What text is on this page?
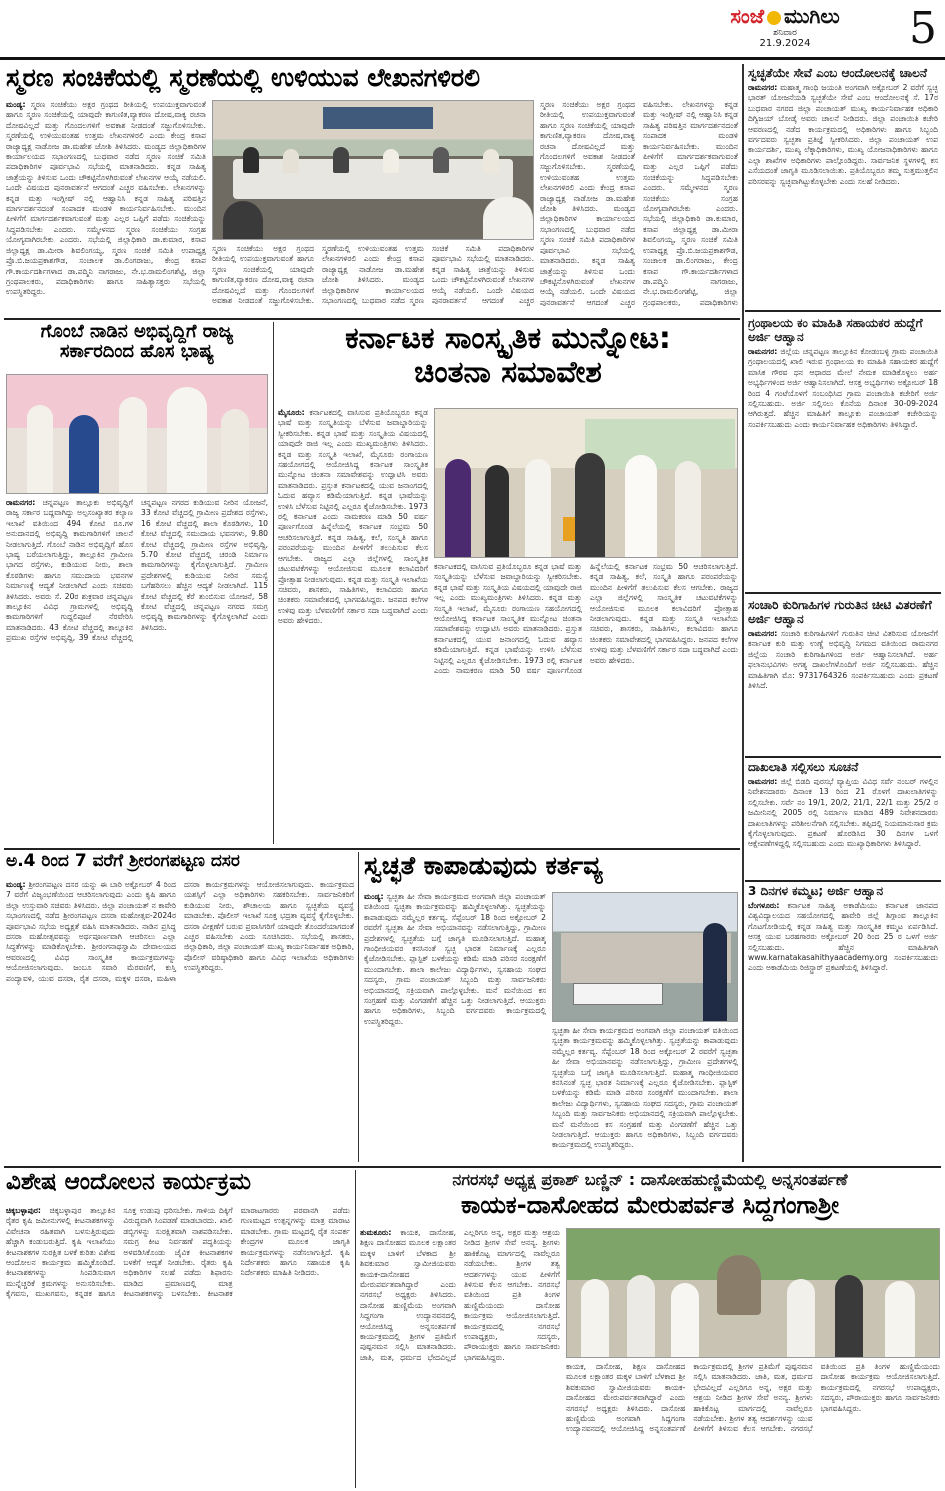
ಸಂಜೆ ಮುಗಿಲು
ಶನಿವಾರ
21.9.2024	5
ಸ್ಮರಣ ಸಂಚಿಕೆಯಲ್ಲಿ ಸ್ಮರಣೆಯಲ್ಲಿ ಉಳಿಯುವ ಲೇಖನಗಳಿರಲಿ
ಮಂಡ್ಯ: ಸ್ಮರಣ ಸಂಚಿಕೆಯು ಅಕ್ಷರ ಗ್ರಂಥದ ರೀತಿಯಲ್ಲಿ ಉಪಯುಕ್ತವಾಗುವಂತೆ ಹಾಗೂ ಸ್ಮರಣ ಸಂಚಿಕೆಯಲ್ಲಿ ಯಾವುದೇ ಕಾಗುಣಿತ,ವ್ಯಾಕರಣ ದೋಷ,ವಾಕ್ಯ ರಚನಾ ದೋಷವಿಲ್ಲದೆ ಮತ್ತು ಗೊಂದಲಗಳಿಗೆ ಅವಕಾಶ ನೀಡದಂತೆ ಸಜ್ಜುಗೊಳಿಸಬೇಕು. ಸ್ಮರಣೆಯಲ್ಲಿ ಉಳಿಯುವಂತಹ ಉತ್ತಮ ಲೇಖನಗಳಿರಲಿ ಎಂದು ಕೇಂದ್ರ ಕಸಾಪ ರಾಜ್ಯಾಧ್ಯಕ್ಷ ನಾಡೋಜ ಡಾ.ಮಹೇಶ ಜೋಶಿ ತಿಳಿಸಿದರು. ಮಂಡ್ಯದ ಜಿಲ್ಲಾಧಿಕಾರಿಗಳ ಕಾರ್ಯಾಲಯದ ಸಭಾಂಗಣದಲ್ಲಿ ಬುಧವಾರ ನಡೆದ ಸ್ಮರಣ ಸಂಚಿಕೆ ಸಮಿತಿ ಪದಾಧಿಕಾರಿಗಳ ಪೂರ್ವಭಾವಿ ಸಭೆಯಲ್ಲಿ ಮಾತನಾಡಿದರು. ಕನ್ನಡ ಸಾಹಿತ್ಯ ಜಾತ್ರೆಯನ್ನು ತಿಳಿಸುವ ಒಂದು ಚೌಕಟ್ಟಿನೊಳಗಿರುವಂತೆ ಲೇಖನಗಳ ಆಯ್ಕೆ ನಡೆಯಲಿ. ಒಂದೇ ವಿಷಯದ ಪುನರಾವರ್ತನೆ ಆಗದಂತೆ ಎಚ್ಚರ ವಹಿಸಬೇಕು. ಲೇಖನಗಳನ್ನು ಕನ್ನಡ ಮತ್ತು ಇಂಗ್ಲೀಷ್ ನಲ್ಲಿ ಆಹ್ವಾನಿಸಿ ಕನ್ನಡ ಸಾಹಿತ್ಯ ಪರಿಷತ್ತಿನ ಮಾರ್ಗದರ್ಶನದಂತೆ ಸಂಪಾದಕ ಮಂಡಳಿ ಕಾರ್ಯನಿರ್ವಹಿಸಬೇಕು. ಮುಂದಿನ ಪೀಳಿಗೆಗೆ ಮಾರ್ಗದರ್ಶಕವಾಗುವಂತೆ ಮತ್ತು ಎಲ್ಲರ ಒಪ್ಪಿಗೆ ಪಡೆದು ಸಂಚಿಕೆಯನ್ನು ಸಿದ್ಧಪಡಿಸಬೇಕು ಎಂದರು. ಸಮ್ಮೇಳನದ ಸ್ಮರಣ ಸಂಚಿಕೆಯು ಸಂಗ್ರಹ ಯೋಗ್ಯವಾಗಿರಬೇಕು ಎಂದರು. ಸಭೆಯಲ್ಲಿ ಜಿಲ್ಲಾಧಿಕಾರಿ ಡಾ.ಕುಮಾರ, ಕಸಾಪ ಜಿಲ್ಲಾಧ್ಯಕ್ಷ ಡಾ.ಮೀರಾ ಶಿವಲಿಂಗಯ್ಯ, ಸ್ಮರಣ ಸಂಚಿಕೆ ಸಮಿತಿ ಉಪಾಧ್ಯಕ್ಷ ಪ್ರೊ.ಬಿ.ಜಯಪ್ರಕಾಶಗೌಡ, ಸಂಚಾಲಕ ಡಾ.ಲಿಂಗರಾಜು, ಕೇಂದ್ರ ಕಸಾಪ ಗೌ.ಕಾರ್ಯದರ್ಶಿಗಳಾದ ಡಾ.ಪದ್ಮಿನಿ ನಾಗರಾಜು, ನೇ.ಭ.ರಾಮಲಿಂಗಶೆಟ್ಟಿ, ಜಿಲ್ಲಾ ಗ್ರಂಥಪಾಲಕರು, ಪದಾಧಿಕಾರಿಗಳು ಹಾಗೂ ಸಾಹಿತ್ಯಾಸಕ್ತರು ಸಭೆಯಲ್ಲಿ ಉಪಸ್ಥಿತರಿದ್ದರು.
ಸ್ಮರಣ ಸಂಚಿಕೆಯು ಅಕ್ಷರ ಗ್ರಂಥದ ರೀತಿಯಲ್ಲಿ ಉಪಯುಕ್ತವಾಗುವಂತೆ ಹಾಗೂ ಸ್ಮರಣ ಸಂಚಿಕೆಯಲ್ಲಿ ಯಾವುದೇ ಕಾಗುಣಿತ,ವ್ಯಾಕರಣ ದೋಷ,ವಾಕ್ಯ ರಚನಾ ದೋಷವಿಲ್ಲದೆ ಮತ್ತು ಗೊಂದಲಗಳಿಗೆ ಅವಕಾಶ ನೀಡದಂತೆ ಸಜ್ಜುಗೊಳಿಸಬೇಕು. ಸ್ಮರಣೆಯಲ್ಲಿ ಉಳಿಯುವಂತಹ ಉತ್ತಮ ಲೇಖನಗಳಿರಲಿ ಎಂದು ಕೇಂದ್ರ ಕಸಾಪ ರಾಜ್ಯಾಧ್ಯಕ್ಷ ನಾಡೋಜ ಡಾ.ಮಹೇಶ ಜೋಶಿ ತಿಳಿಸಿದರು. ಮಂಡ್ಯದ ಜಿಲ್ಲಾಧಿಕಾರಿಗಳ ಕಾರ್ಯಾಲಯದ ಸಭಾಂಗಣದಲ್ಲಿ ಬುಧವಾರ ನಡೆದ ಸ್ಮರಣ ಸಂಚಿಕೆ ಸಮಿತಿ ಪದಾಧಿಕಾರಿಗಳ ಪೂರ್ವಭಾವಿ ಸಭೆಯಲ್ಲಿ ಮಾತನಾಡಿದರು. ಕನ್ನಡ ಸಾಹಿತ್ಯ ಜಾತ್ರೆಯನ್ನು ತಿಳಿಸುವ ಒಂದು ಚೌಕಟ್ಟಿನೊಳಗಿರುವಂತೆ ಲೇಖನಗಳ ಆಯ್ಕೆ ನಡೆಯಲಿ. ಒಂದೇ ವಿಷಯದ ಪುನರಾವರ್ತನೆ ಆಗದಂತೆ ಎಚ್ಚರ
ಸ್ಮರಣ ಸಂಚಿಕೆಯು ಅಕ್ಷರ ಗ್ರಂಥದ ರೀತಿಯಲ್ಲಿ ಉಪಯುಕ್ತವಾಗುವಂತೆ ಹಾಗೂ ಸ್ಮರಣ ಸಂಚಿಕೆಯಲ್ಲಿ ಯಾವುದೇ ಕಾಗುಣಿತ,ವ್ಯಾಕರಣ ದೋಷ,ವಾಕ್ಯ ರಚನಾ ದೋಷವಿಲ್ಲದೆ ಮತ್ತು ಗೊಂದಲಗಳಿಗೆ ಅವಕಾಶ ನೀಡದಂತೆ ಸಜ್ಜುಗೊಳಿಸಬೇಕು. ಸ್ಮರಣೆಯಲ್ಲಿ ಉಳಿಯುವಂತಹ ಉತ್ತಮ ಲೇಖನಗಳಿರಲಿ ಎಂದು ಕೇಂದ್ರ ಕಸಾಪ ರಾಜ್ಯಾಧ್ಯಕ್ಷ ನಾಡೋಜ ಡಾ.ಮಹೇಶ ಜೋಶಿ ತಿಳಿಸಿದರು. ಮಂಡ್ಯದ ಜಿಲ್ಲಾಧಿಕಾರಿಗಳ ಕಾರ್ಯಾಲಯದ ಸಭಾಂಗಣದಲ್ಲಿ ಬುಧವಾರ ನಡೆದ ಸ್ಮರಣ ಸಂಚಿಕೆ ಸಮಿತಿ ಪದಾಧಿಕಾರಿಗಳ ಪೂರ್ವಭಾವಿ ಸಭೆಯಲ್ಲಿ ಮಾತನಾಡಿದರು. ಕನ್ನಡ ಸಾಹಿತ್ಯ ಜಾತ್ರೆಯನ್ನು ತಿಳಿಸುವ ಒಂದು ಚೌಕಟ್ಟಿನೊಳಗಿರುವಂತೆ ಲೇಖನಗಳ ಆಯ್ಕೆ ನಡೆಯಲಿ. ಒಂದೇ ವಿಷಯದ ಪುನರಾವರ್ತನೆ ಆಗದಂತೆ ಎಚ್ಚರ ವಹಿಸಬೇಕು. ಲೇಖನಗಳನ್ನು ಕನ್ನಡ ಮತ್ತು ಇಂಗ್ಲೀಷ್ ನಲ್ಲಿ ಆಹ್ವಾನಿಸಿ ಕನ್ನಡ ಸಾಹಿತ್ಯ ಪರಿಷತ್ತಿನ ಮಾರ್ಗದರ್ಶನದಂತೆ ಸಂಪಾದಕ ಮಂಡಳಿ ಕಾರ್ಯನಿರ್ವಹಿಸಬೇಕು. ಮುಂದಿನ ಪೀಳಿಗೆಗೆ ಮಾರ್ಗದರ್ಶಕವಾಗುವಂತೆ ಮತ್ತು ಎಲ್ಲರ ಒಪ್ಪಿಗೆ ಪಡೆದು ಸಂಚಿಕೆಯನ್ನು ಸಿದ್ಧಪಡಿಸಬೇಕು ಎಂದರು. ಸಮ್ಮೇಳನದ ಸ್ಮರಣ ಸಂಚಿಕೆಯು ಸಂಗ್ರಹ ಯೋಗ್ಯವಾಗಿರಬೇಕು ಎಂದರು. ಸಭೆಯಲ್ಲಿ ಜಿಲ್ಲಾಧಿಕಾರಿ ಡಾ.ಕುಮಾರ, ಕಸಾಪ ಜಿಲ್ಲಾಧ್ಯಕ್ಷ ಡಾ.ಮೀರಾ ಶಿವಲಿಂಗಯ್ಯ, ಸ್ಮರಣ ಸಂಚಿಕೆ ಸಮಿತಿ ಉಪಾಧ್ಯಕ್ಷ ಪ್ರೊ.ಬಿ.ಜಯಪ್ರಕಾಶಗೌಡ, ಸಂಚಾಲಕ ಡಾ.ಲಿಂಗರಾಜು, ಕೇಂದ್ರ ಕಸಾಪ ಗೌ.ಕಾರ್ಯದರ್ಶಿಗಳಾದ ಡಾ.ಪದ್ಮಿನಿ ನಾಗರಾಜು, ನೇ.ಭ.ರಾಮಲಿಂಗಶೆಟ್ಟಿ, ಜಿಲ್ಲಾ ಗ್ರಂಥಪಾಲಕರು, ಪದಾಧಿಕಾರಿಗಳು
ಗೊಂಬೆ ನಾಡಿನ ಅಭಿವೃದ್ದಿಗೆ ರಾಜ್ಯ ಸರ್ಕಾರದಿಂದ ಹೊಸ ಭಾಷ್ಯ
ರಾಮನಗರ: ಚನ್ನಪಟ್ಟಣ ತಾಲ್ಲೂಕು ಅಭಿವೃದ್ದಿಗೆ ರಾಜ್ಯ ಸರ್ಕಾರ ಬದ್ದವಾಗಿದ್ದು ಅಲ್ಪಸಂಖ್ಯಾತರ ಕಲ್ಯಾಣ ಇಲಾಖೆ ವತಿಯಿಂದ 494 ಕೋಟಿ ರೂ.ಗಳ ಅನುದಾನದಲ್ಲಿ ಅಭಿವೃದ್ದಿ ಕಾಮಗಾರಿಗಳಿಗೆ ಚಾಲನೆ ನೀಡಲಾಗುತ್ತಿದೆ. ಗೊಂಬೆ ನಾಡಿನ ಅಭಿವೃದ್ದಿಗೆ ಹೊಸ ಭಾಷ್ಯ ಬರೆಯಲಾಗುತ್ತಿದ್ದು, ತಾಲ್ಲೂಕಿನ ಗ್ರಾಮೀಣ ಭಾಗದ ರಸ್ತೆಗಳು, ಕುಡಿಯುವ ನೀರು, ಶಾಲಾ ಕೊಠಡಿಗಳು ಹಾಗೂ ಸಮುದಾಯ ಭವನಗಳ ನಿರ್ಮಾಣಕ್ಕೆ ಆದ್ಯತೆ ನೀಡಲಾಗಿದೆ ಎಂದು ಸಚಿವರು ತಿಳಿಸಿದರು. ಅವರು ಸೆ. 20ರ ಶುಕ್ರವಾರ ಚನ್ನಪಟ್ಟಣ ತಾಲ್ಲೂಕಿನ ವಿವಿಧ ಗ್ರಾಮಗಳಲ್ಲಿ ಅಭಿವೃದ್ದಿ ಕಾಮಗಾರಿಗಳಿಗೆ ಗುದ್ದಲಿಪೂಜೆ ನೆರವೇರಿಸಿ ಮಾತನಾಡಿದರು. 43 ಕೋಟಿ ವೆಚ್ಚದಲ್ಲಿ ತಾಲ್ಲೂಕಿನ ಪ್ರಮುಖ ರಸ್ತೆಗಳ ಅಭಿವೃದ್ದಿ, 39 ಕೋಟಿ ವೆಚ್ಚದಲ್ಲಿ ಚನ್ನಪಟ್ಟಣ ನಗರದ ಕುಡಿಯುವ ನೀರಿನ ಯೋಜನೆ, 33 ಕೋಟಿ ವೆಚ್ಚದಲ್ಲಿ ಗ್ರಾಮೀಣ ಪ್ರದೇಶದ ರಸ್ತೆಗಳು, 16 ಕೋಟಿ ವೆಚ್ಚದಲ್ಲಿ ಶಾಲಾ ಕೊಠಡಿಗಳು, 10 ಕೋಟಿ ವೆಚ್ಚದಲ್ಲಿ ಸಮುದಾಯ ಭವನಗಳು, 9.80 ಕೋಟಿ ವೆಚ್ಚದಲ್ಲಿ ಗ್ರಾಮೀಣ ರಸ್ತೆಗಳ ಅಭಿವೃದ್ದಿ, 5.70 ಕೋಟಿ ವೆಚ್ಚದಲ್ಲಿ ಚರಂಡಿ ನಿರ್ಮಾಣ ಕಾಮಗಾರಿಗಳನ್ನು ಕೈಗೊಳ್ಳಲಾಗುತ್ತಿದೆ. ಗ್ರಾಮೀಣ ಪ್ರದೇಶಗಳಲ್ಲಿ ಕುಡಿಯುವ ನೀರಿನ ಸಮಸ್ಯೆ ಬಗೆಹರಿಸಲು ಹೆಚ್ಚಿನ ಆದ್ಯತೆ ನೀಡಲಾಗಿದೆ. 115 ಕೋಟಿ ವೆಚ್ಚದಲ್ಲಿ ಕೆರೆ ತುಂಬಿಸುವ ಯೋಜನೆ, 58 ಕೋಟಿ ವೆಚ್ಚದಲ್ಲಿ ಚನ್ನಪಟ್ಟಣ ನಗರದ ಸಮಗ್ರ ಅಭಿವೃದ್ದಿ ಕಾಮಗಾರಿಗಳನ್ನು ಕೈಗೊಳ್ಳಲಾಗಿದೆ ಎಂದು ತಿಳಿಸಿದರು.
ಕರ್ನಾಟಕ ಸಾಂಸ್ಕೃತಿಕ ಮುನ್ನೋಟ: ಚಿಂತನಾ ಸಮಾವೇಶ
ಮೈಸೂರು: ಕರ್ನಾಟಕದಲ್ಲಿ ವಾಸಿಸುವ ಪ್ರತಿಯೊಬ್ಬರೂ ಕನ್ನಡ ಭಾಷೆ ಮತ್ತು ಸಂಸ್ಕೃತಿಯನ್ನು ಬೆಳೆಸುವ ಜವಾಬ್ದಾರಿಯನ್ನು ಸ್ವೀಕರಿಸಬೇಕು. ಕನ್ನಡ ಭಾಷೆ ಮತ್ತು ಸಂಸ್ಕೃತಿಯ ವಿಷಯದಲ್ಲಿ ಯಾವುದೇ ರಾಜಿ ಇಲ್ಲ ಎಂದು ಮುಖ್ಯಮಂತ್ರಿಗಳು ತಿಳಿಸಿದರು. ಕನ್ನಡ ಮತ್ತು ಸಂಸ್ಕೃತಿ ಇಲಾಖೆ, ಮೈಸೂರು ರಂಗಾಯಣ ಸಹಯೋಗದಲ್ಲಿ ಆಯೋಜಿಸಿದ್ದ ಕರ್ನಾಟಕ ಸಾಂಸ್ಕೃತಿಕ ಮುನ್ನೋಟ ಚಿಂತನಾ ಸಮಾವೇಶವನ್ನು ಉದ್ಘಾಟಿಸಿ ಅವರು ಮಾತನಾಡಿದರು. ಪ್ರಸ್ತುತ ಕರ್ನಾಟಕದಲ್ಲಿ ಯುವ ಜನಾಂಗದಲ್ಲಿ ಓದುವ ಹವ್ಯಾಸ ಕಡಿಮೆಯಾಗುತ್ತಿದೆ. ಕನ್ನಡ ಭಾಷೆಯನ್ನು ಉಳಿಸಿ ಬೆಳೆಸುವ ನಿಟ್ಟಿನಲ್ಲಿ ಎಲ್ಲರೂ ಕೈಜೋಡಿಸಬೇಕು. 1973 ರಲ್ಲಿ ಕರ್ನಾಟಕ ಎಂದು ನಾಮಕರಣ ಮಾಡಿ 50 ವರ್ಷ ಪೂರ್ಣಗೊಂಡ ಹಿನ್ನೆಲೆಯಲ್ಲಿ ಕರ್ನಾಟಕ ಸಂಭ್ರಮ 50 ಆಚರಿಸಲಾಗುತ್ತಿದೆ. ಕನ್ನಡ ಸಾಹಿತ್ಯ, ಕಲೆ, ಸಂಸ್ಕೃತಿ ಹಾಗೂ ಪರಂಪರೆಯನ್ನು ಮುಂದಿನ ಪೀಳಿಗೆಗೆ ತಲುಪಿಸುವ ಕೆಲಸ ಆಗಬೇಕು. ರಾಜ್ಯದ ಎಲ್ಲಾ ಜಿಲ್ಲೆಗಳಲ್ಲಿ ಸಾಂಸ್ಕೃತಿಕ ಚಟುವಟಿಕೆಗಳನ್ನು ಆಯೋಜಿಸುವ ಮೂಲಕ ಕಲಾವಿದರಿಗೆ ಪ್ರೋತ್ಸಾಹ ನೀಡಲಾಗುವುದು. ಕನ್ನಡ ಮತ್ತು ಸಂಸ್ಕೃತಿ ಇಲಾಖೆಯ ಸಚಿವರು, ಶಾಸಕರು, ಸಾಹಿತಿಗಳು, ಕಲಾವಿದರು ಹಾಗೂ ಚಿಂತಕರು ಸಮಾವೇಶದಲ್ಲಿ ಭಾಗವಹಿಸಿದ್ದರು. ಜನಪದ ಕಲೆಗಳ ಉಳಿವು ಮತ್ತು ಬೆಳವಣಿಗೆಗೆ ಸರ್ಕಾರ ಸದಾ ಬದ್ಧವಾಗಿದೆ ಎಂದು ಅವರು ಹೇಳಿದರು.
ಕರ್ನಾಟಕದಲ್ಲಿ ವಾಸಿಸುವ ಪ್ರತಿಯೊಬ್ಬರೂ ಕನ್ನಡ ಭಾಷೆ ಮತ್ತು ಸಂಸ್ಕೃತಿಯನ್ನು ಬೆಳೆಸುವ ಜವಾಬ್ದಾರಿಯನ್ನು ಸ್ವೀಕರಿಸಬೇಕು. ಕನ್ನಡ ಭಾಷೆ ಮತ್ತು ಸಂಸ್ಕೃತಿಯ ವಿಷಯದಲ್ಲಿ ಯಾವುದೇ ರಾಜಿ ಇಲ್ಲ ಎಂದು ಮುಖ್ಯಮಂತ್ರಿಗಳು ತಿಳಿಸಿದರು. ಕನ್ನಡ ಮತ್ತು ಸಂಸ್ಕೃತಿ ಇಲಾಖೆ, ಮೈಸೂರು ರಂಗಾಯಣ ಸಹಯೋಗದಲ್ಲಿ ಆಯೋಜಿಸಿದ್ದ ಕರ್ನಾಟಕ ಸಾಂಸ್ಕೃತಿಕ ಮುನ್ನೋಟ ಚಿಂತನಾ ಸಮಾವೇಶವನ್ನು ಉದ್ಘಾಟಿಸಿ ಅವರು ಮಾತನಾಡಿದರು. ಪ್ರಸ್ತುತ ಕರ್ನಾಟಕದಲ್ಲಿ ಯುವ ಜನಾಂಗದಲ್ಲಿ ಓದುವ ಹವ್ಯಾಸ ಕಡಿಮೆಯಾಗುತ್ತಿದೆ. ಕನ್ನಡ ಭಾಷೆಯನ್ನು ಉಳಿಸಿ ಬೆಳೆಸುವ ನಿಟ್ಟಿನಲ್ಲಿ ಎಲ್ಲರೂ ಕೈಜೋಡಿಸಬೇಕು. 1973 ರಲ್ಲಿ ಕರ್ನಾಟಕ ಎಂದು ನಾಮಕರಣ ಮಾಡಿ 50 ವರ್ಷ ಪೂರ್ಣಗೊಂಡ ಹಿನ್ನೆಲೆಯಲ್ಲಿ ಕರ್ನಾಟಕ ಸಂಭ್ರಮ 50 ಆಚರಿಸಲಾಗುತ್ತಿದೆ. ಕನ್ನಡ ಸಾಹಿತ್ಯ, ಕಲೆ, ಸಂಸ್ಕೃತಿ ಹಾಗೂ ಪರಂಪರೆಯನ್ನು ಮುಂದಿನ ಪೀಳಿಗೆಗೆ ತಲುಪಿಸುವ ಕೆಲಸ ಆಗಬೇಕು. ರಾಜ್ಯದ ಎಲ್ಲಾ ಜಿಲ್ಲೆಗಳಲ್ಲಿ ಸಾಂಸ್ಕೃತಿಕ ಚಟುವಟಿಕೆಗಳನ್ನು ಆಯೋಜಿಸುವ ಮೂಲಕ ಕಲಾವಿದರಿಗೆ ಪ್ರೋತ್ಸಾಹ ನೀಡಲಾಗುವುದು. ಕನ್ನಡ ಮತ್ತು ಸಂಸ್ಕೃತಿ ಇಲಾಖೆಯ ಸಚಿವರು, ಶಾಸಕರು, ಸಾಹಿತಿಗಳು, ಕಲಾವಿದರು ಹಾಗೂ ಚಿಂತಕರು ಸಮಾವೇಶದಲ್ಲಿ ಭಾಗವಹಿಸಿದ್ದರು. ಜನಪದ ಕಲೆಗಳ ಉಳಿವು ಮತ್ತು ಬೆಳವಣಿಗೆಗೆ ಸರ್ಕಾರ ಸದಾ ಬದ್ಧವಾಗಿದೆ ಎಂದು ಅವರು ಹೇಳಿದರು.
ಅ.4 ರಿಂದ 7 ವರೆಗೆ ಶ್ರೀರಂಗಪಟ್ಟಣ ದಸರ
ಮಂಡ್ಯ: ಶ್ರೀರಂಗಪಟ್ಟಣ ದಸರ ಯನ್ನು ಈ ಬಾರಿ ಅಕ್ಟೋಬರ್ 4 ರಿಂದ 7 ವರೆಗೆ ವಿಜೃಂಭಣೆಯಿಂದ ಆಚರಿಸಲಾಗುವುದು ಎಂದು ಕೃಷಿ ಹಾಗೂ ಜಿಲ್ಲಾ ಉಸ್ತುವಾರಿ ಸಚಿವರು ತಿಳಿಸಿದರು. ಜಿಲ್ಲಾ ಪಂಚಾಯತ್ ನ ಕಾವೇರಿ ಸಭಾಂಗಣದಲ್ಲಿ ನಡೆದ ಶ್ರೀರಂಗಪಟ್ಟಣ ದಸರಾ ಮಹೋತ್ಸವ-2024ರ ಪೂರ್ವಭಾವಿ ಸಭೆಯ ಅಧ್ಯಕ್ಷತೆ ವಹಿಸಿ ಮಾತನಾಡಿದರು. ನಾಡಿನ ಪ್ರಸಿದ್ಧ ದಸರಾ ಮಹೋತ್ಸವವನ್ನು ಅರ್ಥಪೂರ್ಣವಾಗಿ ಆಚರಿಸಲು ಎಲ್ಲಾ ಸಿದ್ಧತೆಗಳನ್ನು ಮಾಡಿಕೊಳ್ಳಬೇಕು. ಶ್ರೀರಂಗನಾಥಸ್ವಾಮಿ ದೇವಾಲಯದ ಆವರಣದಲ್ಲಿ ವಿವಿಧ ಸಾಂಸ್ಕೃತಿಕ ಕಾರ್ಯಕ್ರಮಗಳನ್ನು ಆಯೋಜಿಸಲಾಗುವುದು. ಜಂಬೂ ಸವಾರಿ ಮೆರವಣಿಗೆ, ಕುಸ್ತಿ ಪಂದ್ಯಾವಳಿ, ಯುವ ದಸರಾ, ರೈತ ದಸರಾ, ಮಕ್ಕಳ ದಸರಾ, ಮಹಿಳಾ ದಸರಾ ಕಾರ್ಯಕ್ರಮಗಳನ್ನು ಆಯೋಜಿಸಲಾಗುವುದು. ಕಾರ್ಯಕ್ರಮದ ಯಶಸ್ಸಿಗೆ ಎಲ್ಲಾ ಅಧಿಕಾರಿಗಳು ಸಹಕರಿಸಬೇಕು. ಸಾರ್ವಜನಿಕರಿಗೆ ಕುಡಿಯುವ ನೀರು, ಶೌಚಾಲಯ ಹಾಗೂ ಸ್ವಚ್ಛತೆಯ ವ್ಯವಸ್ಥೆ ಮಾಡಬೇಕು. ಪೊಲೀಸ್ ಇಲಾಖೆ ಸೂಕ್ತ ಭದ್ರತಾ ವ್ಯವಸ್ಥೆ ಕೈಗೊಳ್ಳಬೇಕು. ದಸರಾ ವೀಕ್ಷಣೆಗೆ ಬರುವ ಪ್ರವಾಸಿಗರಿಗೆ ಯಾವುದೇ ತೊಂದರೆಯಾಗದಂತೆ ಎಚ್ಚರ ವಹಿಸಬೇಕು ಎಂದು ಸೂಚಿಸಿದರು. ಸಭೆಯಲ್ಲಿ ಶಾಸಕರು, ಜಿಲ್ಲಾಧಿಕಾರಿ, ಜಿಲ್ಲಾ ಪಂಚಾಯತ್ ಮುಖ್ಯ ಕಾರ್ಯನಿರ್ವಾಹಕ ಅಧಿಕಾರಿ, ಪೊಲೀಸ್ ವರಿಷ್ಠಾಧಿಕಾರಿ ಹಾಗೂ ವಿವಿಧ ಇಲಾಖೆಯ ಅಧಿಕಾರಿಗಳು ಉಪಸ್ಥಿತರಿದ್ದರು.
ಸ್ವಚ್ಛತೆ ಕಾಪಾಡುವುದು ಕರ್ತವ್ಯ
ಮಂಡ್ಯ: ಸ್ವಚ್ಛತಾ ಹೀ ಸೇವಾ ಕಾರ್ಯಕ್ರಮದ ಅಂಗವಾಗಿ ಜಿಲ್ಲಾ ಪಂಚಾಯತ್ ವತಿಯಿಂದ ಸ್ವಚ್ಛತಾ ಕಾರ್ಯಕ್ರಮವನ್ನು ಹಮ್ಮಿಕೊಳ್ಳಲಾಗಿತ್ತು. ಸ್ವಚ್ಛತೆಯನ್ನು ಕಾಪಾಡುವುದು ನಮ್ಮೆಲ್ಲರ ಕರ್ತವ್ಯ. ಸೆಪ್ಟೆಂಬರ್ 18 ರಿಂದ ಅಕ್ಟೋಬರ್ 2 ರವರೆಗೆ ಸ್ವಚ್ಛತಾ ಹೀ ಸೇವಾ ಅಭಿಯಾನವನ್ನು ನಡೆಸಲಾಗುತ್ತಿದ್ದು, ಗ್ರಾಮೀಣ ಪ್ರದೇಶಗಳಲ್ಲಿ ಸ್ವಚ್ಛತೆಯ ಬಗ್ಗೆ ಜಾಗೃತಿ ಮೂಡಿಸಲಾಗುತ್ತಿದೆ. ಮಹಾತ್ಮ ಗಾಂಧೀಜಿಯವರ ಕನಸಿನಂತೆ ಸ್ವಚ್ಛ ಭಾರತ ನಿರ್ಮಾಣಕ್ಕೆ ಎಲ್ಲರೂ ಕೈಜೋಡಿಸಬೇಕು. ಪ್ಲಾಸ್ಟಿಕ್ ಬಳಕೆಯನ್ನು ಕಡಿಮೆ ಮಾಡಿ ಪರಿಸರ ಸಂರಕ್ಷಣೆಗೆ ಮುಂದಾಗಬೇಕು. ಶಾಲಾ ಕಾಲೇಜು ವಿದ್ಯಾರ್ಥಿಗಳು, ಸ್ವಸಹಾಯ ಸಂಘದ ಸದಸ್ಯರು, ಗ್ರಾಮ ಪಂಚಾಯತ್ ಸಿಬ್ಬಂದಿ ಮತ್ತು ಸಾರ್ವಜನಿಕರು ಅಭಿಯಾನದಲ್ಲಿ ಸಕ್ರಿಯವಾಗಿ ಪಾಲ್ಗೊಳ್ಳಬೇಕು. ಮನೆ ಮನೆಯಿಂದ ಕಸ ಸಂಗ್ರಹಣೆ ಮತ್ತು ವಿಂಗಡಣೆಗೆ ಹೆಚ್ಚಿನ ಒತ್ತು ನೀಡಲಾಗುತ್ತಿದೆ. ಆಯುಕ್ತರು ಹಾಗೂ ಅಧಿಕಾರಿಗಳು, ಸಿಬ್ಬಂದಿ ವರ್ಗದವರು ಕಾರ್ಯಕ್ರಮದಲ್ಲಿ ಉಪಸ್ಥಿತರಿದ್ದರು.
ಸ್ವಚ್ಛತಾ ಹೀ ಸೇವಾ ಕಾರ್ಯಕ್ರಮದ ಅಂಗವಾಗಿ ಜಿಲ್ಲಾ ಪಂಚಾಯತ್ ವತಿಯಿಂದ ಸ್ವಚ್ಛತಾ ಕಾರ್ಯಕ್ರಮವನ್ನು ಹಮ್ಮಿಕೊಳ್ಳಲಾಗಿತ್ತು. ಸ್ವಚ್ಛತೆಯನ್ನು ಕಾಪಾಡುವುದು ನಮ್ಮೆಲ್ಲರ ಕರ್ತವ್ಯ. ಸೆಪ್ಟೆಂಬರ್ 18 ರಿಂದ ಅಕ್ಟೋಬರ್ 2 ರವರೆಗೆ ಸ್ವಚ್ಛತಾ ಹೀ ಸೇವಾ ಅಭಿಯಾನವನ್ನು ನಡೆಸಲಾಗುತ್ತಿದ್ದು, ಗ್ರಾಮೀಣ ಪ್ರದೇಶಗಳಲ್ಲಿ ಸ್ವಚ್ಛತೆಯ ಬಗ್ಗೆ ಜಾಗೃತಿ ಮೂಡಿಸಲಾಗುತ್ತಿದೆ. ಮಹಾತ್ಮ ಗಾಂಧೀಜಿಯವರ ಕನಸಿನಂತೆ ಸ್ವಚ್ಛ ಭಾರತ ನಿರ್ಮಾಣಕ್ಕೆ ಎಲ್ಲರೂ ಕೈಜೋಡಿಸಬೇಕು. ಪ್ಲಾಸ್ಟಿಕ್ ಬಳಕೆಯನ್ನು ಕಡಿಮೆ ಮಾಡಿ ಪರಿಸರ ಸಂರಕ್ಷಣೆಗೆ ಮುಂದಾಗಬೇಕು. ಶಾಲಾ ಕಾಲೇಜು ವಿದ್ಯಾರ್ಥಿಗಳು, ಸ್ವಸಹಾಯ ಸಂಘದ ಸದಸ್ಯರು, ಗ್ರಾಮ ಪಂಚಾಯತ್ ಸಿಬ್ಬಂದಿ ಮತ್ತು ಸಾರ್ವಜನಿಕರು ಅಭಿಯಾನದಲ್ಲಿ ಸಕ್ರಿಯವಾಗಿ ಪಾಲ್ಗೊಳ್ಳಬೇಕು. ಮನೆ ಮನೆಯಿಂದ ಕಸ ಸಂಗ್ರಹಣೆ ಮತ್ತು ವಿಂಗಡಣೆಗೆ ಹೆಚ್ಚಿನ ಒತ್ತು ನೀಡಲಾಗುತ್ತಿದೆ. ಆಯುಕ್ತರು ಹಾಗೂ ಅಧಿಕಾರಿಗಳು, ಸಿಬ್ಬಂದಿ ವರ್ಗದವರು ಕಾರ್ಯಕ್ರಮದಲ್ಲಿ ಉಪಸ್ಥಿತರಿದ್ದರು.
ವಿಶೇಷ ಆಂದೋಲನ ಕಾರ್ಯಕ್ರಮ
ಚಿಕ್ಕಬಳ್ಳಾಪುರ: ಚಿಕ್ಕಬಳ್ಳಾಪುರ ತಾಲ್ಲೂಕಿನ ರೈತರ ಕೃಷಿ ಜಮೀನುಗಳಲ್ಲಿ ಕೀಟನಾಶಕಗಳನ್ನು ವಿವೇಚನಾ ರಹಿತವಾಗಿ ಬಳಸುತ್ತಿರುವುದು ಹೆಚ್ಚಾಗಿ ಕಂಡುಬರುತ್ತಿದೆ. ಕೃಷಿ ಇಲಾಖೆಯು ಕೀಟನಾಶಕಗಳ ಸುರಕ್ಷಿತ ಬಳಕೆ ಕುರಿತು ವಿಶೇಷ ಆಂದೋಲನ ಕಾರ್ಯಕ್ರಮ ಹಮ್ಮಿಕೊಂಡಿದೆ. ಕೀಟನಾಶಕಗಳನ್ನು ಸಿಂಪಡಿಸುವಾಗ ಮುನ್ನೆಚ್ಚರಿಕೆ ಕ್ರಮಗಳನ್ನು ಅನುಸರಿಸಬೇಕು. ಕೈಗವಸು, ಮುಖಗವಸು, ಕನ್ನಡಕ ಹಾಗೂ ಸೂಕ್ತ ಉಡುಪು ಧರಿಸಬೇಕು. ಗಾಳಿಯ ದಿಕ್ಕಿಗೆ ವಿರುದ್ಧವಾಗಿ ಸಿಂಪಡಣೆ ಮಾಡಬಾರದು. ಖಾಲಿ ಡಬ್ಬಿಗಳನ್ನು ಸುರಕ್ಷಿತವಾಗಿ ನಾಶಪಡಿಸಬೇಕು. ಸಮಗ್ರ ಕೀಟ ನಿರ್ವಹಣೆ ಪದ್ಧತಿಯನ್ನು ಅಳವಡಿಸಿಕೊಂಡು ಜೈವಿಕ ಕೀಟನಾಶಕಗಳ ಬಳಕೆಗೆ ಆದ್ಯತೆ ನೀಡಬೇಕು. ರೈತರು ಕೃಷಿ ಅಧಿಕಾರಿಗಳ ಸಲಹೆ ಪಡೆದು ಶಿಫಾರಸು ಮಾಡಿದ ಪ್ರಮಾಣದಲ್ಲಿ ಮಾತ್ರ ಕೀಟನಾಶಕಗಳನ್ನು ಬಳಸಬೇಕು. ಕೀಟನಾಶಕ ಮಾರಾಟಗಾರರು ಪರವಾನಗಿ ಪಡೆದು ಗುಣಮಟ್ಟದ ಉತ್ಪನ್ನಗಳನ್ನು ಮಾತ್ರ ಮಾರಾಟ ಮಾಡಬೇಕು. ಗ್ರಾಮ ಮಟ್ಟದಲ್ಲಿ ರೈತ ಸಂಪರ್ಕ ಕೇಂದ್ರಗಳ ಮೂಲಕ ಜಾಗೃತಿ ಕಾರ್ಯಕ್ರಮಗಳನ್ನು ನಡೆಸಲಾಗುತ್ತಿದೆ. ಕೃಷಿ ನಿರ್ದೇಶಕರು ಹಾಗೂ ಸಹಾಯಕ ಕೃಷಿ ನಿರ್ದೇಶಕರು ಮಾಹಿತಿ ನೀಡಿದರು.
ನಗರಸಭೆ ಅಧ್ಯಕ್ಷ ಪ್ರಕಾಶ್ ಬಣ್ಣಿನ್ : ದಾಸೋಹಹುಣ್ಣಿಮೆಯಲ್ಲಿ ಅನ್ನಸಂತರ್ಪಣೆ
ಕಾಯಕ-ದಾಸೋಹದ ಮೇರುಪರ್ವತ ಸಿದ್ದಗಂಗಾಶ್ರೀ
ತುಮಕೂರು: ಕಾಯಕ, ದಾಸೋಹ, ಶಿಕ್ಷಣ ದಾಸೋಹದ ಮೂಲಕ ಲಕ್ಷಾಂತರ ಮಕ್ಕಳ ಬಾಳಿಗೆ ಬೆಳಕಾದ ಶ್ರೀ ಶಿವಕುಮಾರ ಸ್ವಾಮೀಜಿಯವರು ಕಾಯಕ-ದಾಸೋಹದ ಮೇರುಪರ್ವತವಾಗಿದ್ದಾರೆ ಎಂದು ನಗರಸಭೆ ಅಧ್ಯಕ್ಷರು ತಿಳಿಸಿದರು. ದಾಸೋಹ ಹುಣ್ಣಿಮೆಯ ಅಂಗವಾಗಿ ಸಿದ್ದಗಂಗಾ ಉದ್ಯಾನವನದಲ್ಲಿ ಆಯೋಜಿಸಿದ್ದ ಅನ್ನಸಂತರ್ಪಣೆ ಕಾರ್ಯಕ್ರಮದಲ್ಲಿ ಶ್ರೀಗಳ ಪ್ರತಿಮೆಗೆ ಪುಷ್ಪನಮನ ಸಲ್ಲಿಸಿ ಮಾತನಾಡಿದರು. ಜಾತಿ, ಮತ, ಧರ್ಮದ ಭೇದವಿಲ್ಲದೆ ಎಲ್ಲರಿಗೂ ಅನ್ನ, ಅಕ್ಷರ ಮತ್ತು ಆಶ್ರಯ ನೀಡಿದ ಶ್ರೀಗಳ ಸೇವೆ ಅನನ್ಯ. ಶ್ರೀಗಳು ಹಾಕಿಕೊಟ್ಟ ಮಾರ್ಗದಲ್ಲಿ ನಾವೆಲ್ಲರೂ ನಡೆಯಬೇಕು. ಶ್ರೀಗಳ ತತ್ವ ಆದರ್ಶಗಳನ್ನು ಯುವ ಪೀಳಿಗೆಗೆ ತಿಳಿಸುವ ಕೆಲಸ ಆಗಬೇಕು. ನಗರಸಭೆ ವತಿಯಿಂದ ಪ್ರತಿ ತಿಂಗಳ ಹುಣ್ಣಿಮೆಯಂದು ದಾಸೋಹ ಕಾರ್ಯಕ್ರಮ ಆಯೋಜಿಸಲಾಗುತ್ತಿದೆ. ಕಾರ್ಯಕ್ರಮದಲ್ಲಿ ನಗರಸಭೆ ಉಪಾಧ್ಯಕ್ಷರು, ಸದಸ್ಯರು, ಪೌರಾಯುಕ್ತರು ಹಾಗೂ ಸಾರ್ವಜನಿಕರು ಭಾಗವಹಿಸಿದ್ದರು.
ಕಾಯಕ, ದಾಸೋಹ, ಶಿಕ್ಷಣ ದಾಸೋಹದ ಮೂಲಕ ಲಕ್ಷಾಂತರ ಮಕ್ಕಳ ಬಾಳಿಗೆ ಬೆಳಕಾದ ಶ್ರೀ ಶಿವಕುಮಾರ ಸ್ವಾಮೀಜಿಯವರು ಕಾಯಕ-ದಾಸೋಹದ ಮೇರುಪರ್ವತವಾಗಿದ್ದಾರೆ ಎಂದು ನಗರಸಭೆ ಅಧ್ಯಕ್ಷರು ತಿಳಿಸಿದರು. ದಾಸೋಹ ಹುಣ್ಣಿಮೆಯ ಅಂಗವಾಗಿ ಸಿದ್ದಗಂಗಾ ಉದ್ಯಾನವನದಲ್ಲಿ ಆಯೋಜಿಸಿದ್ದ ಅನ್ನಸಂತರ್ಪಣೆ ಕಾರ್ಯಕ್ರಮದಲ್ಲಿ ಶ್ರೀಗಳ ಪ್ರತಿಮೆಗೆ ಪುಷ್ಪನಮನ ಸಲ್ಲಿಸಿ ಮಾತನಾಡಿದರು. ಜಾತಿ, ಮತ, ಧರ್ಮದ ಭೇದವಿಲ್ಲದೆ ಎಲ್ಲರಿಗೂ ಅನ್ನ, ಅಕ್ಷರ ಮತ್ತು ಆಶ್ರಯ ನೀಡಿದ ಶ್ರೀಗಳ ಸೇವೆ ಅನನ್ಯ. ಶ್ರೀಗಳು ಹಾಕಿಕೊಟ್ಟ ಮಾರ್ಗದಲ್ಲಿ ನಾವೆಲ್ಲರೂ ನಡೆಯಬೇಕು. ಶ್ರೀಗಳ ತತ್ವ ಆದರ್ಶಗಳನ್ನು ಯುವ ಪೀಳಿಗೆಗೆ ತಿಳಿಸುವ ಕೆಲಸ ಆಗಬೇಕು. ನಗರಸಭೆ ವತಿಯಿಂದ ಪ್ರತಿ ತಿಂಗಳ ಹುಣ್ಣಿಮೆಯಂದು ದಾಸೋಹ ಕಾರ್ಯಕ್ರಮ ಆಯೋಜಿಸಲಾಗುತ್ತಿದೆ. ಕಾರ್ಯಕ್ರಮದಲ್ಲಿ ನಗರಸಭೆ ಉಪಾಧ್ಯಕ್ಷರು, ಸದಸ್ಯರು, ಪೌರಾಯುಕ್ತರು ಹಾಗೂ ಸಾರ್ವಜನಿಕರು ಭಾಗವಹಿಸಿದ್ದರು.
ಸ್ವಚ್ಛತೆಯೇ ಸೇವೆ ಎಂಬ ಆಂದೋಲನಕ್ಕೆ ಚಾಲನೆ
ರಾಮನಗರ: ಮಹಾತ್ಮ ಗಾಂಧಿ ಜಯಂತಿ ಅಂಗವಾಗಿ ಅಕ್ಟೋಬರ್ 2 ವರೆಗೆ ಸ್ವಚ್ಛ ಭಾರತ್ ಯೋಜನೆಯಡಿ ಸ್ವಚ್ಛತೆಯೇ ಸೇವೆ ಎಂಬ ಆಂದೋಲನಕ್ಕೆ ಸೆ. 17ರ ಬುಧವಾರ ನಗರದ ಜಿಲ್ಲಾ ಪಂಚಾಯತ್ ಮುಖ್ಯ ಕಾರ್ಯನಿರ್ವಾಹಕ ಅಧಿಕಾರಿ ದಿಗ್ವಿಜಯ್ ಬೋಡ್ಕೆ ಅವರು ಚಾಲನೆ ನೀಡಿದರು. ಜಿಲ್ಲಾ ಪಂಚಾಯಿತಿ ಕಚೇರಿ ಆವರಣದಲ್ಲಿ ನಡೆದ ಕಾರ್ಯಕ್ರಮದಲ್ಲಿ ಅಧಿಕಾರಿಗಳು ಹಾಗೂ ಸಿಬ್ಬಂದಿ ವರ್ಗದವರು ಸ್ವಚ್ಛತಾ ಪ್ರತಿಜ್ಞೆ ಸ್ವೀಕರಿಸಿದರು. ಜಿಲ್ಲಾ ಪಂಚಾಯತ್ ಉಪ ಕಾರ್ಯದರ್ಶಿ, ಮುಖ್ಯ ಲೆಕ್ಕಾಧಿಕಾರಿಗಳು, ಮುಖ್ಯ ಯೋಜನಾಧಿಕಾರಿಗಳು ಹಾಗೂ ಎಲ್ಲಾ ಶಾಖೆಗಳ ಅಧಿಕಾರಿಗಳು ಪಾಲ್ಗೊಂಡಿದ್ದರು. ಸಾರ್ವಜನಿಕ ಸ್ಥಳಗಳಲ್ಲಿ ಕಸ ಎಸೆಯದಂತೆ ಜಾಗೃತಿ ಮೂಡಿಸಲಾಯಿತು. ಪ್ರತಿಯೊಬ್ಬರೂ ತಮ್ಮ ಸುತ್ತಮುತ್ತಲಿನ ಪರಿಸರವನ್ನು ಸ್ವಚ್ಛವಾಗಿಟ್ಟುಕೊಳ್ಳಬೇಕು ಎಂದು ಸಲಹೆ ನೀಡಿದರು.
ಗ್ರಂಥಾಲಯ ಕಂ ಮಾಹಿತಿ ಸಹಾಯಕರ ಹುದ್ದೆಗೆ ಅರ್ಜಿ ಆಹ್ವಾನ
ರಾಮನಗರ: ಜಿಲ್ಲೆಯ ಚನ್ನಪಟ್ಟಣ ತಾಲ್ಲೂಕಿನ ಕೋಡಂಬಳ್ಳಿ ಗ್ರಾಮ ಪಂಚಾಯಿತಿ ಗ್ರಂಥಾಲಯದಲ್ಲಿ ಖಾಲಿ ಇರುವ ಗ್ರಂಥಾಲಯ ಕಂ ಮಾಹಿತಿ ಸಹಾಯಕರ ಹುದ್ದೆಗೆ ಮಾಸಿಕ ಗೌರವ ಧನ ಆಧಾರದ ಮೇಲೆ ನೇಮಕ ಮಾಡಿಕೊಳ್ಳಲು ಅರ್ಹ ಅಭ್ಯರ್ಥಿಗಳಿಂದ ಅರ್ಜಿ ಆಹ್ವಾನಿಸಲಾಗಿದೆ. ಆಸಕ್ತ ಅಭ್ಯರ್ಥಿಗಳು ಅಕ್ಟೋಬರ್ 18 ರಿಂದ 4 ಗಂಟೆಯೊಳಗೆ ಸಂಬಂಧಿಸಿದ ಗ್ರಾಮ ಪಂಚಾಯಿತಿ ಕಚೇರಿಗೆ ಅರ್ಜಿ ಸಲ್ಲಿಸಬಹುದು. ಅರ್ಜಿ ಸಲ್ಲಿಸಲು ಕೊನೆಯ ದಿನಾಂಕ 30-09-2024 ಆಗಿರುತ್ತದೆ. ಹೆಚ್ಚಿನ ಮಾಹಿತಿಗೆ ತಾಲ್ಲೂಕು ಪಂಚಾಯತ್ ಕಚೇರಿಯನ್ನು ಸಂಪರ್ಕಿಸಬಹುದು ಎಂದು ಕಾರ್ಯನಿರ್ವಾಹಕ ಅಧಿಕಾರಿಗಳು ತಿಳಿಸಿದ್ದಾರೆ.
ಸಂಚಾರಿ ಕುರಿಗಾಹಿಗಳ ಗುರುತಿನ ಚೀಟಿ ವಿತರಣೆಗೆ ಅರ್ಜಿ ಆಹ್ವಾನ
ರಾಮನಗರ: ಸಂಚಾರಿ ಕುರಿಗಾಹಿಗಳಿಗೆ ಗುರುತಿನ ಚೀಟಿ ವಿತರಿಸುವ ಯೋಜನೆಗೆ ಕರ್ನಾಟಕ ಕುರಿ ಮತ್ತು ಉಣ್ಣೆ ಅಭಿವೃದ್ಧಿ ನಿಗಮದ ವತಿಯಿಂದ ರಾಮನಗರ ಜಿಲ್ಲೆಯ ಸಂಚಾರಿ ಕುರಿಗಾಹಿಗಳಿಂದ ಅರ್ಜಿ ಆಹ್ವಾನಿಸಲಾಗಿದೆ. ಅರ್ಹ ಫಲಾನುಭವಿಗಳು ಅಗತ್ಯ ದಾಖಲೆಗಳೊಂದಿಗೆ ಅರ್ಜಿ ಸಲ್ಲಿಸಬಹುದು. ಹೆಚ್ಚಿನ ಮಾಹಿತಿಗಾಗಿ ಮೊ: 9731764326 ಸಂಪರ್ಕಿಸಬಹುದು ಎಂದು ಪ್ರಕಟಣೆ ತಿಳಿಸಿದೆ.
ದಾಖಲಾತಿ ಸಲ್ಲಿಸಲು ಸೂಚನೆ
ರಾಮನಗರ: ಜಿಲ್ಲೆ ಬಿಡದಿ ಪುರಸಭೆ ವ್ಯಾಪ್ತಿಯ ವಿವಿಧ ಸರ್ವೆ ನಂಬರ್ ಗಳಲ್ಲಿನ ನಿವೇಶನದಾರರು ದಿನಾಂಕ 13 ರಿಂದ 21 ರೊಳಗೆ ದಾಖಲಾತಿಗಳನ್ನು ಸಲ್ಲಿಸಬೇಕು. ಸರ್ವೆ ನಂ 19/1, 20/2, 21/1, 22/1 ಮತ್ತು 25/2 ರ ಜಮೀನಿನಲ್ಲಿ 2005 ರಲ್ಲಿ ನಿರ್ಮಾಣ ಮಾಡಿದ 489 ನಿವೇಶನದಾರರು ದಾಖಲಾತಿಗಳನ್ನು ಪರಿಶೀಲನೆಗಾಗಿ ಸಲ್ಲಿಸಬೇಕು. ತಪ್ಪಿದಲ್ಲಿ ನಿಯಮಾನುಸಾರ ಕ್ರಮ ಕೈಗೊಳ್ಳಲಾಗುವುದು. ಪ್ರಕಟಣೆ ಹೊರಡಿಸಿದ 30 ದಿನಗಳ ಒಳಗೆ ಆಕ್ಷೇಪಣೆಗಳಿದ್ದಲ್ಲಿ ಸಲ್ಲಿಸಬಹುದು ಎಂದು ಮುಖ್ಯಾಧಿಕಾರಿಗಳು ತಿಳಿಸಿದ್ದಾರೆ.
3 ದಿನಗಳ ಕಮ್ಮಟ; ಅರ್ಜಿ ಆಹ್ವಾನ
ಬೆಂಗಳೂರು: ಕರ್ನಾಟಕ ಸಾಹಿತ್ಯ ಅಕಾಡೆಮಿಯು ಕರ್ನಾಟಕ ಜಾನಪದ ವಿಶ್ವವಿದ್ಯಾಲಯದ ಸಹಯೋಗದಲ್ಲಿ ಹಾವೇರಿ ಜಿಲ್ಲೆ ಶಿಗ್ಗಾಂವ ತಾಲ್ಲೂಕಿನ ಗೊಟಗೋಡಿಯಲ್ಲಿ ಕನ್ನಡ ಸಾಹಿತ್ಯ ಮತ್ತು ಸಾಂಸ್ಕೃತಿಕ ಕಮ್ಮಟ ಏರ್ಪಡಿಸಿದೆ. ಆಸಕ್ತ ಯುವ ಬರಹಗಾರರು ಅಕ್ಟೋಬರ್ 20 ರಿಂದ 25 ರ ಒಳಗೆ ಅರ್ಜಿ ಸಲ್ಲಿಸಬಹುದು. ಹೆಚ್ಚಿನ ಮಾಹಿತಿಗಾಗಿ www.karnatakasahithyaacademy.org ಸಂಪರ್ಕಿಸಬಹುದು ಎಂದು ಅಕಾಡೆಮಿಯ ರಿಜಿಸ್ಟ್ರಾರ್ ಪ್ರಕಟಣೆಯಲ್ಲಿ ತಿಳಿಸಿದ್ದಾರೆ.
